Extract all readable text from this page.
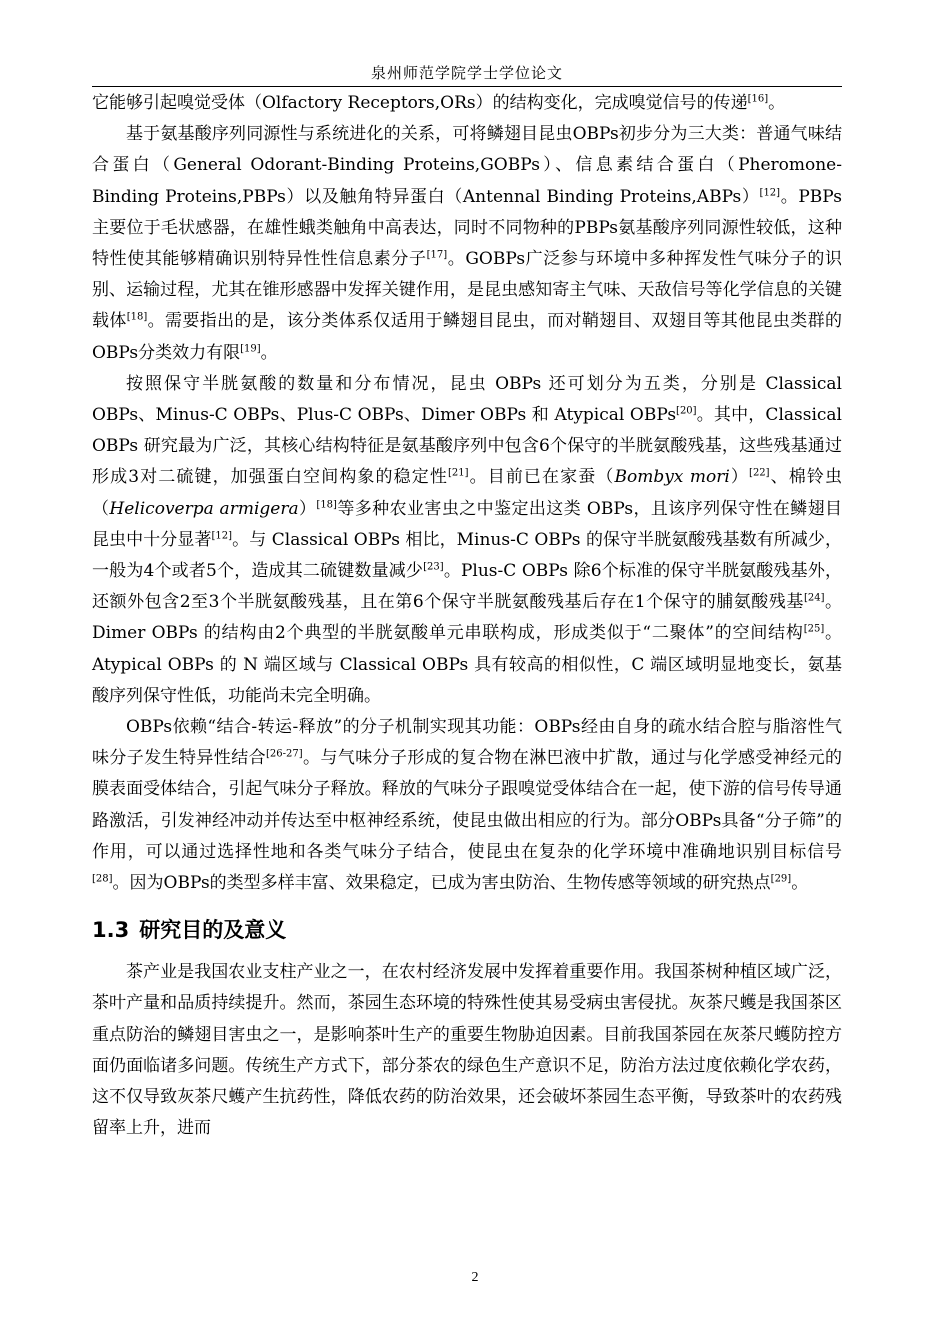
泉州师范学院学士学位论文

它能够引起嗅觉受体（Olfactory Receptors,ORs）的结构变化，完成嗅觉信号的传递[16]。

基于氨基酸序列同源性与系统进化的关系，可将鳞翅目昆虫OBPs初步分为三大类：普通气味结合蛋白（General Odorant-Binding Proteins,GOBPs）、信息素结合蛋白（Pheromone-Binding Proteins,PBPs）以及触角特异蛋白（Antennal Binding Proteins,ABPs）[12]。PBPs主要位于毛状感器，在雄性蛾类触角中高表达，同时不同物种的PBPs氨基酸序列同源性较低，这种特性使其能够精确识别特异性性信息素分子[17]。GOBPs广泛参与环境中多种挥发性气味分子的识别、运输过程，尤其在锥形感器中发挥关键作用，是昆虫感知寄主气味、天敌信号等化学信息的关键载体[18]。需要指出的是，该分类体系仅适用于鳞翅目昆虫，而对鞘翅目、双翅目等其他昆虫类群的OBPs分类效力有限[19]。

按照保守半胱氨酸的数量和分布情况，昆虫 OBPs 还可划分为五类，分别是 Classical OBPs、Minus-C OBPs、Plus-C OBPs、Dimer OBPs 和 Atypical OBPs[20]。其中，Classical OBPs 研究最为广泛，其核心结构特征是氨基酸序列中包含6个保守的半胱氨酸残基，这些残基通过形成3对二硫键，加强蛋白空间构象的稳定性[21]。目前已在家蚕（Bombyx mori）[22]、棉铃虫（Helicoverpa armigera）[18]等多种农业害虫之中鉴定出这类 OBPs，且该序列保守性在鳞翅目昆虫中十分显著[12]。与 Classical OBPs 相比，Minus-C OBPs 的保守半胱氨酸残基数有所减少，一般为4个或者5个，造成其二硫键数量减少[23]。Plus-C OBPs 除6个标准的保守半胱氨酸残基外，还额外包含2至3个半胱氨酸残基，且在第6个保守半胱氨酸残基后存在1个保守的脯氨酸残基[24]。Dimer OBPs 的结构由2个典型的半胱氨酸单元串联构成，形成类似于“二聚体”的空间结构[25]。Atypical OBPs 的 N 端区域与 Classical OBPs 具有较高的相似性，C 端区域明显地变长，氨基酸序列保守性低，功能尚未完全明确。

OBPs依赖“结合-转运-释放”的分子机制实现其功能：OBPs经由自身的疏水结合腔与脂溶性气味分子发生特异性结合[26-27]。与气味分子形成的复合物在淋巴液中扩散，通过与化学感受神经元的膜表面受体结合，引起气味分子释放。释放的气味分子跟嗅觉受体结合在一起，使下游的信号传导通路激活，引发神经冲动并传达至中枢神经系统，使昆虫做出相应的行为。部分OBPs具备“分子筛”的作用，可以通过选择性地和各类气味分子结合，使昆虫在复杂的化学环境中准确地识别目标信号[28]。因为OBPs的类型多样丰富、效果稳定，已成为害虫防治、生物传感等领域的研究热点[29]。

1.3 研究目的及意义

茶产业是我国农业支柱产业之一，在农村经济发展中发挥着重要作用。我国茶树种植区域广泛，茶叶产量和品质持续提升。然而，茶园生态环境的特殊性使其易受病虫害侵扰。灰茶尺蠖是我国茶区重点防治的鳞翅目害虫之一，是影响茶叶生产的重要生物胁迫因素。目前我国茶园在灰茶尺蠖防控方面仍面临诸多问题。传统生产方式下，部分茶农的绿色生产意识不足，防治方法过度依赖化学农药，这不仅导致灰茶尺蠖产生抗药性，降低农药的防治效果，还会破坏茶园生态平衡，导致茶叶的农药残留率上升，进而

2
